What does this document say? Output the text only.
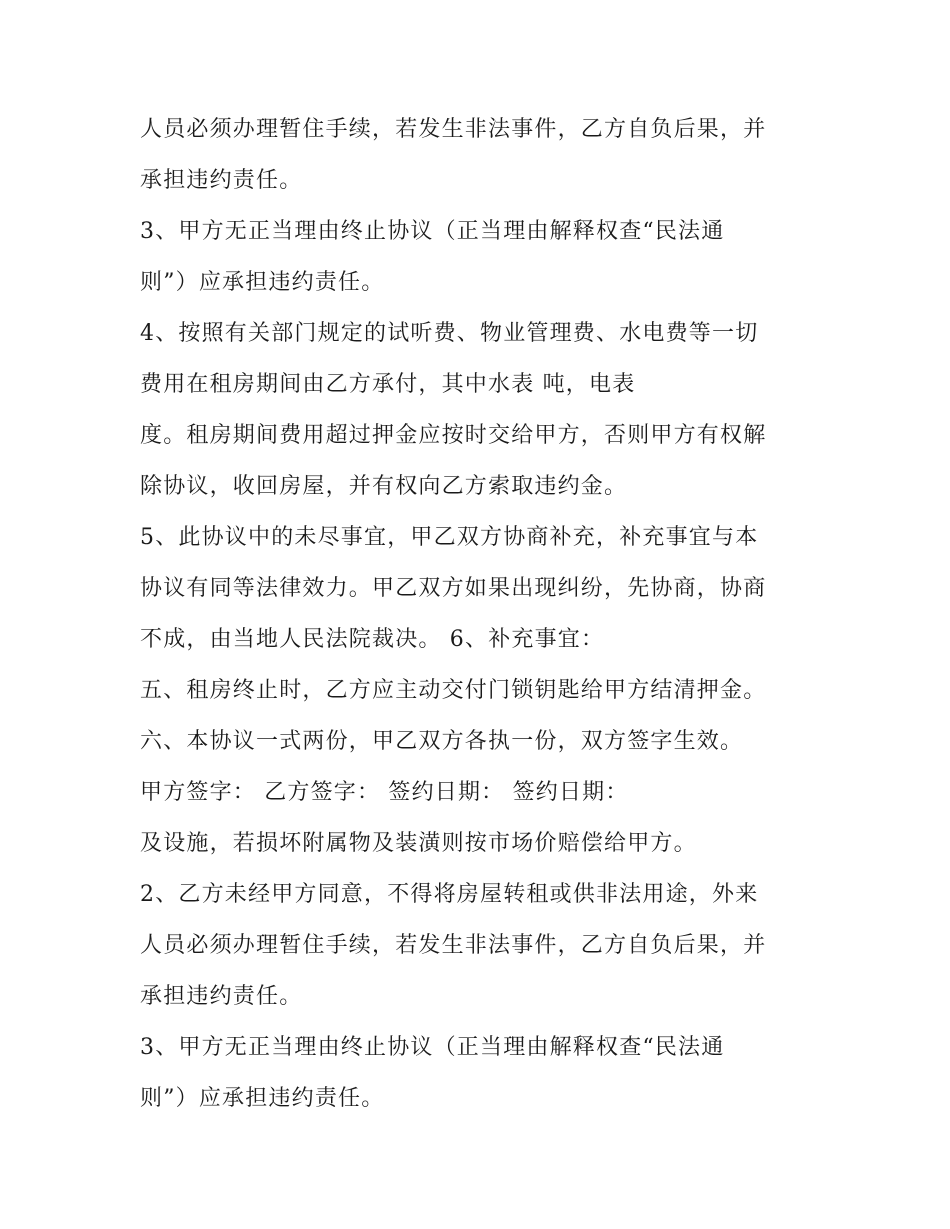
人员必须办理暂住手续，若发生非法事件，乙方自负后果，并
承担违约责任。
3、甲方无正当理由终止协议（正当理由解释权查“民法通
则”）应承担违约责任。
4、按照有关部门规定的试听费、物业管理费、水电费等一切
费用在租房期间由乙方承付，其中水表 吨，电表
度。租房期间费用超过押金应按时交给甲方，否则甲方有权解
除协议，收回房屋，并有权向乙方索取违约金。
5、此协议中的未尽事宜，甲乙双方协商补充，补充事宜与本
协议有同等法律效力。甲乙双方如果出现纠纷，先协商，协商
不成，由当地人民法院裁决。 6、补充事宜：
五、租房终止时，乙方应主动交付门锁钥匙给甲方结清押金。
六、本协议一式两份，甲乙双方各执一份，双方签字生效。
甲方签字： 乙方签字： 签约日期： 签约日期：
及设施，若损坏附属物及装潢则按市场价赔偿给甲方。
2、乙方未经甲方同意，不得将房屋转租或供非法用途，外来
人员必须办理暂住手续，若发生非法事件，乙方自负后果，并
承担违约责任。
3、甲方无正当理由终止协议（正当理由解释权查“民法通
则”）应承担违约责任。
